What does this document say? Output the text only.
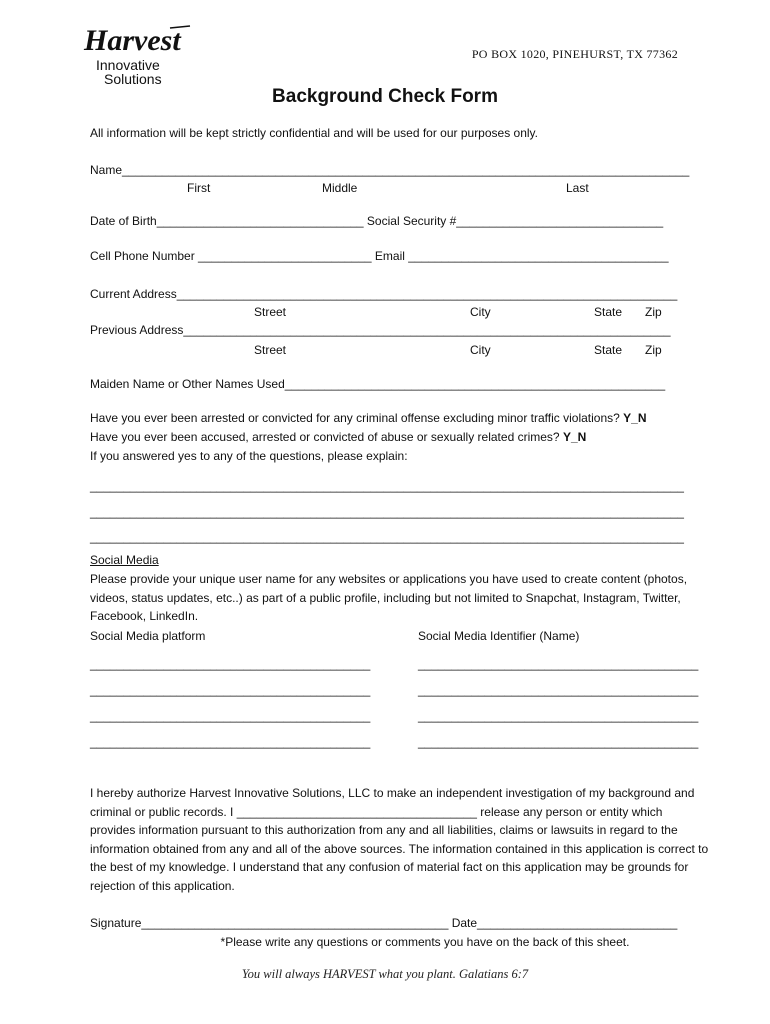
Harvest
Innovative
Solutions
PO BOX 1020, PINEHURST, TX 77362
Background Check Form
All information will be kept strictly confidential and will be used for our purposes only.
Name_____________________________________________________________________________________
First	Middle	Last
Date of Birth_______________________________ Social Security #_______________________________
Cell Phone Number __________________________ Email _______________________________________
Current Address___________________________________________________________________________
Street	City	State Zip
Previous Address_________________________________________________________________________
Street	City	State Zip
Maiden Name or Other Names Used_________________________________________________________
Have you ever been arrested or convicted for any criminal offense excluding minor traffic violations? Y_N
Have you ever been accused, arrested or convicted of abuse or sexually related crimes? Y_N
If you answered yes to any of the questions, please explain:
_________________________________________________________________________________________
_________________________________________________________________________________________
_________________________________________________________________________________________
Social Media
Please provide your unique user name for any websites or applications you have used to create content (photos, videos, status updates, etc..) as part of a public profile, including but not limited to Snapchat, Instagram, Twitter, Facebook, LinkedIn.
Social Media platform	Social Media Identifier (Name)
__________________________________________	__________________________________________
__________________________________________	__________________________________________
__________________________________________	__________________________________________
__________________________________________	__________________________________________
I hereby authorize Harvest Innovative Solutions, LLC to make an independent investigation of my background and criminal or public records. I ____________________________________ release any person or entity which provides information pursuant to this authorization from any and all liabilities, claims or lawsuits in regard to the information obtained from any and all of the above sources. The information contained in this application is correct to the best of my knowledge. I understand that any confusion of material fact on this application may be grounds for rejection of this application.
Signature______________________________________________ Date______________________________
*Please write any questions or comments you have on the back of this sheet.
You will always HARVEST what you plant. Galatians 6:7
